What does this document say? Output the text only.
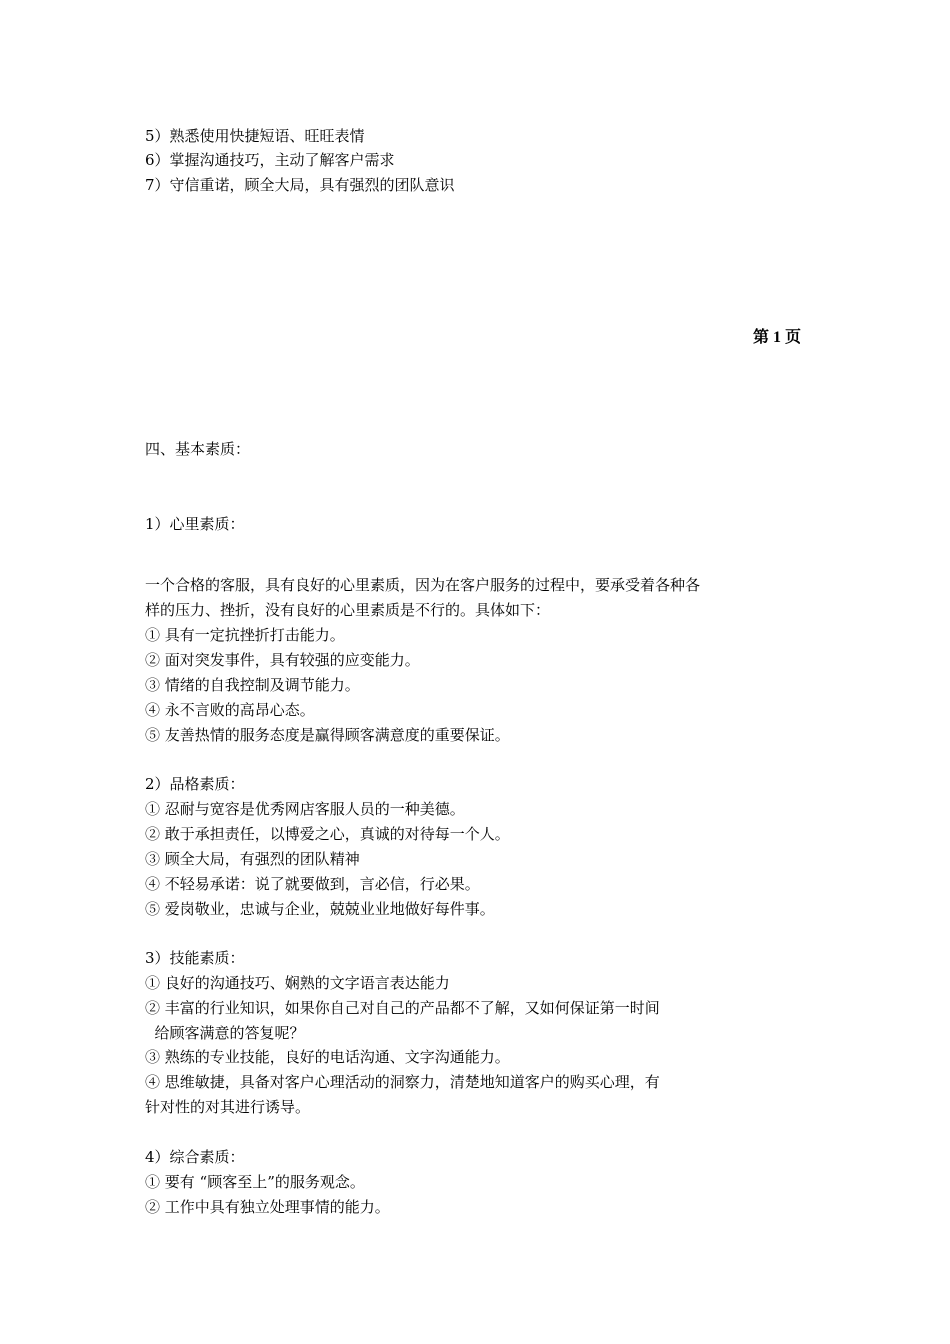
5）熟悉使用快捷短语、旺旺表情
6）掌握沟通技巧，主动了解客户需求
7）守信重诺，顾全大局，具有强烈的团队意识
第 1 页
四、基本素质：
1）心里素质：
一个合格的客服，具有良好的心里素质，因为在客户服务的过程中，要承受着各种各
样的压力、挫折，没有良好的心里素质是不行的。具体如下：
① 具有一定抗挫折打击能力。
② 面对突发事件，具有较强的应变能力。
③ 情绪的自我控制及调节能力。
④ 永不言败的高昂心态。
⑤ 友善热情的服务态度是赢得顾客满意度的重要保证。
2）品格素质：
① 忍耐与宽容是优秀网店客服人员的一种美德。
② 敢于承担责任，以博爱之心，真诚的对待每一个人。
③ 顾全大局，有强烈的团队精神
④ 不轻易承诺：说了就要做到，言必信，行必果。
⑤ 爱岗敬业，忠诚与企业，兢兢业业地做好每件事。
3）技能素质：
① 良好的沟通技巧、娴熟的文字语言表达能力
② 丰富的行业知识，如果你自己对自己的产品都不了解，又如何保证第一时间
给顾客满意的答复呢？
③ 熟练的专业技能，良好的电话沟通、文字沟通能力。
④ 思维敏捷，具备对客户心理活动的洞察力，清楚地知道客户的购买心理，有
针对性的对其进行诱导。
4）综合素质：
① 要有 “顾客至上”的服务观念。
② 工作中具有独立处理事情的能力。
